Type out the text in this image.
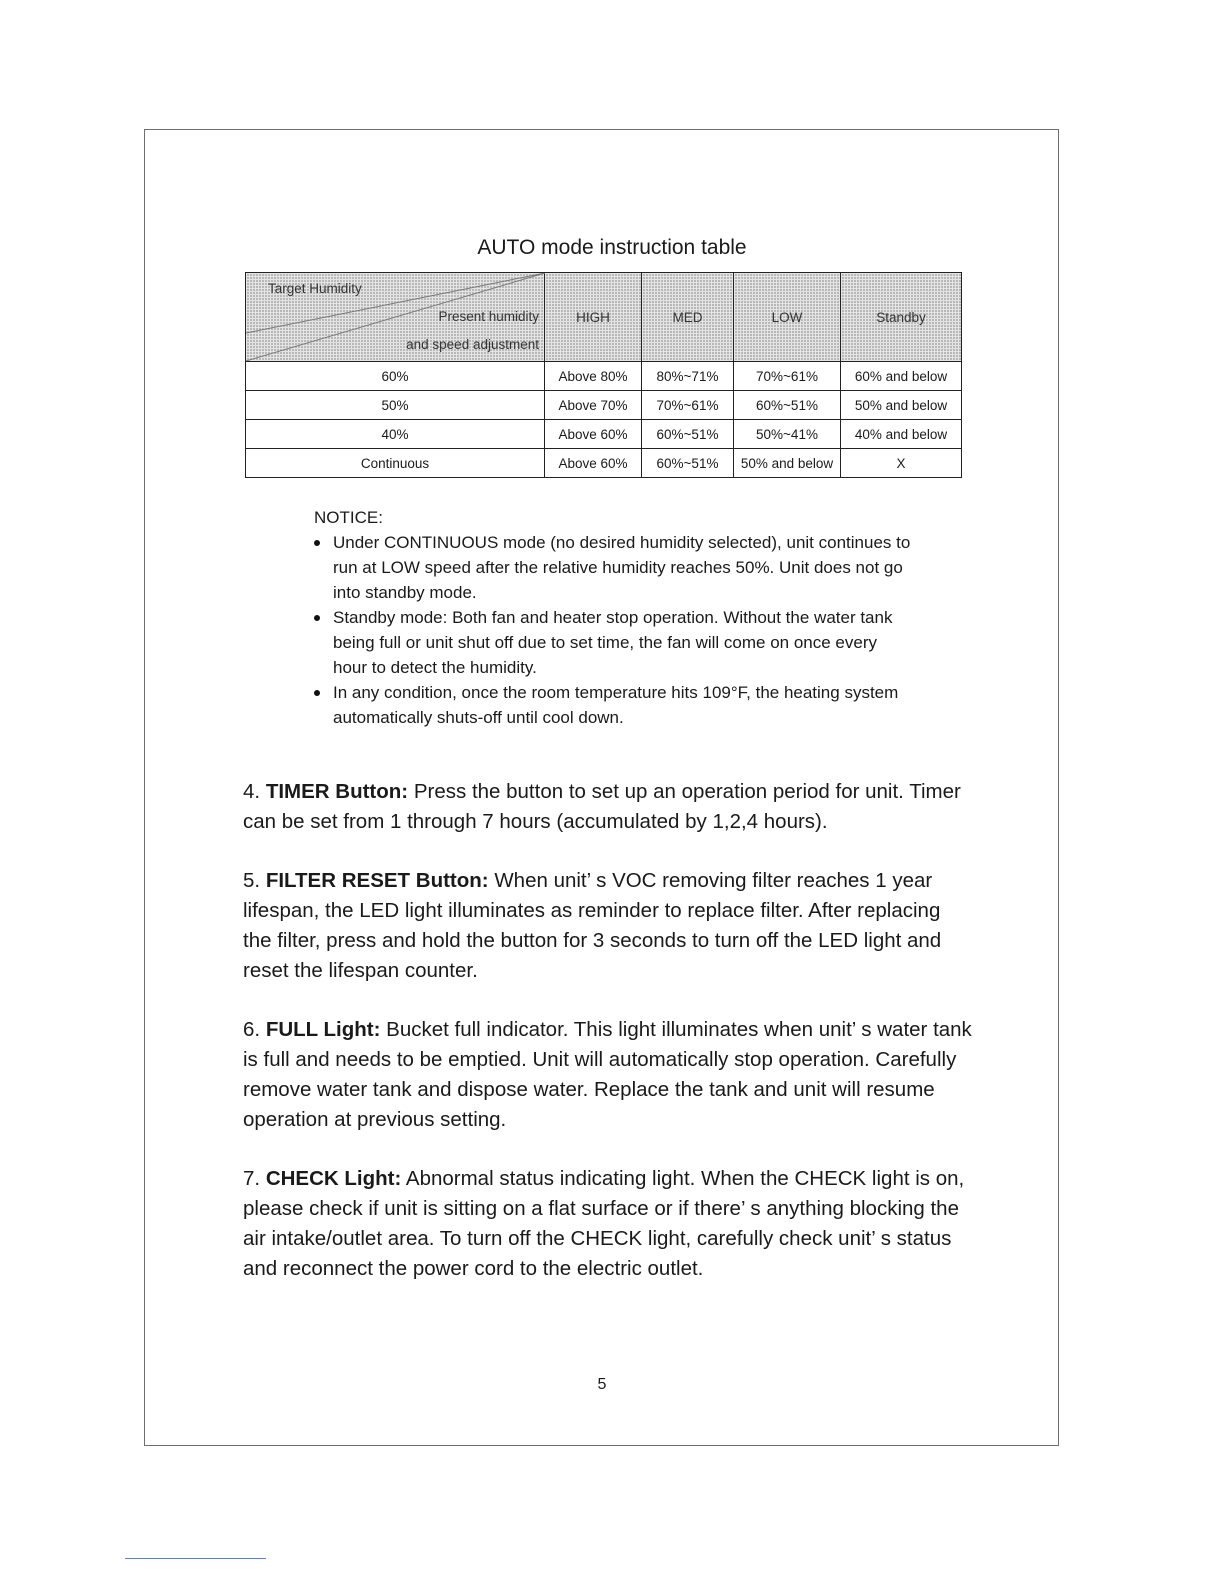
AUTO mode instruction table
Target Humidity
Present humidity
and speed adjustment	HIGH	MED	LOW	Standby
60%	Above 80%	80%~71%	70%~61%	60% and below
50%	Above 70%	70%~61%	60%~51%	50% and below
40%	Above 60%	60%~51%	50%~41%	40% and below
Continuous	Above 60%	60%~51%	50% and below	X
NOTICE:
Under CONTINUOUS mode (no desired humidity selected), unit continues to run at LOW speed after the relative humidity reaches 50%. Unit does not go into standby mode.
Standby mode: Both fan and heater stop operation. Without the water tank being full or unit shut off due to set time, the fan will come on once every hour to detect the humidity.
In any condition, once the room temperature hits 109°F, the heating system automatically shuts-off until cool down.
4. TIMER Button: Press the button to set up an operation period for unit. Timer can be set from 1 through 7 hours (accumulated by 1,2,4 hours).
5. FILTER RESET Button: When unit’ s VOC removing filter reaches 1 year lifespan, the LED light illuminates as reminder to replace filter. After replacing the filter, press and hold the button for 3 seconds to turn off the LED light and reset the lifespan counter.
6. FULL Light: Bucket full indicator. This light illuminates when unit’ s water tank is full and needs to be emptied. Unit will automatically stop operation. Carefully remove water tank and dispose water. Replace the tank and unit will resume operation at previous setting.
7. CHECK Light: Abnormal status indicating light. When the CHECK light is on, please check if unit is sitting on a flat surface or if there’ s anything blocking the air intake/outlet area. To turn off the CHECK light, carefully check unit’ s status and reconnect the power cord to the electric outlet.
5
